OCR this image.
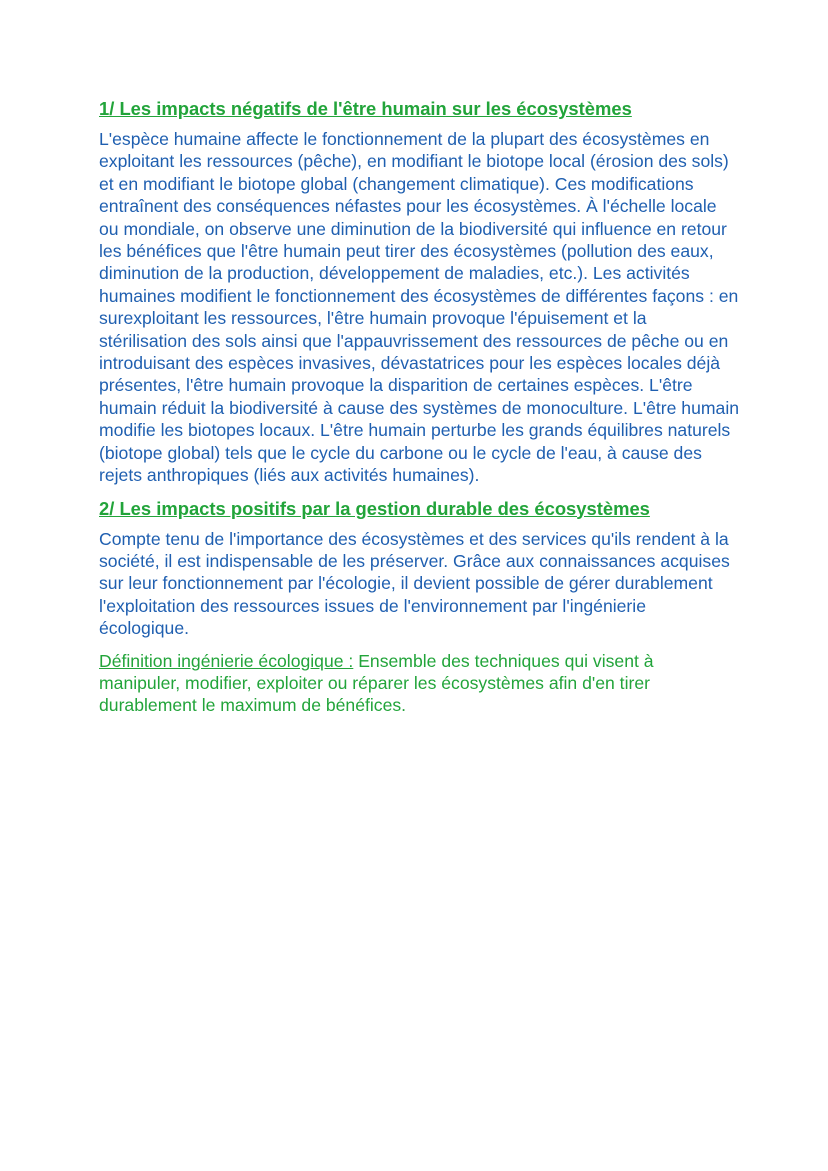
1/ Les impacts négatifs de l'être humain sur les écosystèmes

L'espèce humaine affecte le fonctionnement de la plupart des écosystèmes en exploitant les ressources (pêche), en modifiant le biotope local (érosion des sols) et en modifiant le biotope global (changement climatique). Ces modifications entraînent des conséquences néfastes pour les écosystèmes. À l'échelle locale ou mondiale, on observe une diminution de la biodiversité qui influence en retour les bénéfices que l'être humain peut tirer des écosystèmes (pollution des eaux, diminution de la production, développement de maladies, etc.). Les activités humaines modifient le fonctionnement des écosystèmes de différentes façons : en surexploitant les ressources, l'être humain provoque l'épuisement et la stérilisation des sols ainsi que l'appauvrissement des ressources de pêche ou en introduisant des espèces invasives, dévastatrices pour les espèces locales déjà présentes, l'être humain provoque la disparition de certaines espèces. L'être humain réduit la biodiversité à cause des systèmes de monoculture. L'être humain modifie les biotopes locaux. L'être humain perturbe les grands équilibres naturels (biotope global) tels que le cycle du carbone ou le cycle de l'eau, à cause des rejets anthropiques (liés aux activités humaines).

2/ Les impacts positifs par la gestion durable des écosystèmes

Compte tenu de l'importance des écosystèmes et des services qu'ils rendent à la société, il est indispensable de les préserver. Grâce aux connaissances acquises sur leur fonctionnement par l'écologie, il devient possible de gérer durablement l'exploitation des ressources issues de l'environnement par l'ingénierie écologique.

Définition ingénierie écologique : Ensemble des techniques qui visent à manipuler, modifier, exploiter ou réparer les écosystèmes afin d'en tirer durablement le maximum de bénéfices.
